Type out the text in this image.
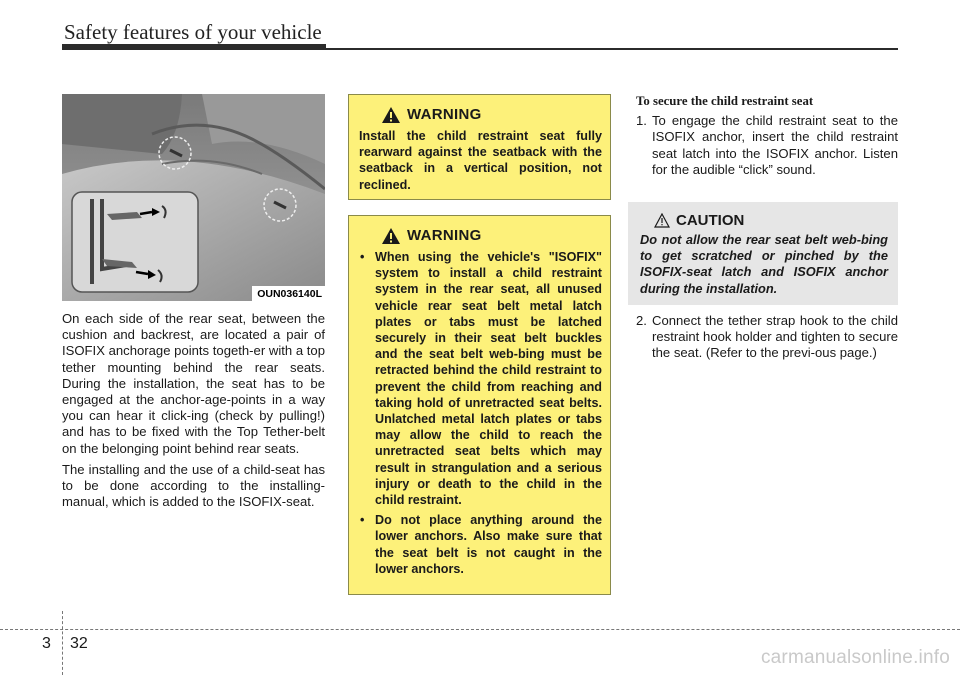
Safety features of your vehicle
OUN036140L

On each side of the rear seat, between the cushion and backrest, are located a pair of ISOFIX anchorage points togeth-er with a top tether mounting behind the rear seats. During the installation, the seat has to be engaged at the anchor-age-points in a way you can hear it click-ing (check by pulling!) and has to be fixed with the Top Tether-belt on the belonging point behind rear seats.

The installing and the use of a child-seat has to be done according to the installing-manual, which is added to the ISOFIX-seat.

WARNING
Install the child restraint seat fully rearward against the seatback with the seatback in a vertical position, not reclined.
WARNING
• When using the vehicle's "ISOFIX" system to install a child restraint system in the rear seat, all unused vehicle rear seat belt metal latch plates or tabs must be latched securely in their seat belt buckles and the seat belt web-bing must be retracted behind the child restraint to prevent the child from reaching and taking hold of unretracted seat belts. Unlatched metal latch plates or tabs may allow the child to reach the unretracted seat belts which may result in strangulation and a serious injury or death to the child in the child restraint.
• Do not place anything around the lower anchors. Also make sure that the seat belt is not caught in the lower anchors.
To secure the child restraint seat
1. To engage the child restraint seat to the ISOFIX anchor, insert the child restraint seat latch into the ISOFIX anchor. Listen for the audible “click” sound.
CAUTION
Do not allow the rear seat belt web-bing to get scratched or pinched by the ISOFIX-seat latch and ISOFIX anchor during the installation.
2. Connect the tether strap hook to the child restraint hook holder and tighten to secure the seat. (Refer to the previ-ous page.)
3 32
carmanualsonline.info
